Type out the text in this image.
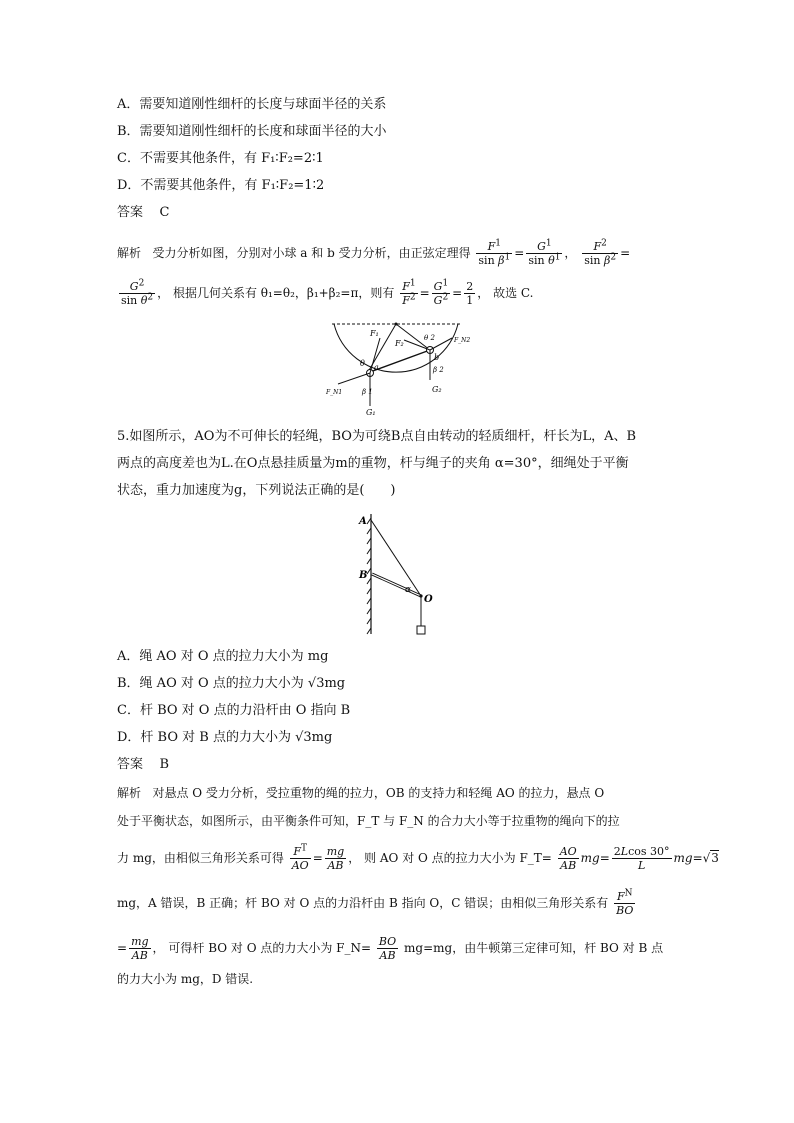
A．需要知道刚性细杆的长度与球面半径的关系
B．需要知道刚性细杆的长度和球面半径的大小
C．不需要其他条件，有 F₁∶F₂=2∶1
D．不需要其他条件，有 F₁∶F₂=1∶2
答案 C
解析 受力分析如图，分别对小球 a 和 b 受力分析，由正弦定理得 $\frac{F^1}{\sin \beta^1} = \frac{G^1}{\sin \theta^1}$ ， $\frac{F^2}{\sin \beta^2}$ =
$\frac{G^2}{\sin \theta^2}$ ， 根据几何关系有 θ₁=θ₂，β₁+β₂=π，则有 $\frac{F^1}{F^2} = \frac{G^1}{G^2} = \frac{2}{1}$ ， 故选 C.
F₁
F₂	F_N2
F_N1
θ
θ 2
a
b
β 1
β 2
G₁
G₂
5.如图所示，AO为不可伸长的轻绳，BO为可绕B点自由转动的轻质细杆，杆长为L，A、B
两点的高度差也为L.在O点悬挂质量为m的重物，杆与绳子的夹角 α=30°，细绳处于平衡
状态，重力加速度为g，下列说法正确的是(　　)
A
B
O
α
A．绳 AO 对 O 点的拉力大小为 mg
B．绳 AO 对 O 点的拉力大小为 √3mg
C．杆 BO 对 O 点的力沿杆由 O 指向 B
D．杆 BO 对 B 点的力大小为 √3mg
答案 B
解析 对悬点 O 受力分析，受拉重物的绳的拉力，OB 的支持力和轻绳 AO 的拉力，悬点 O
处于平衡状态，如图所示，由平衡条件可知，F_T 与 F_N 的合力大小等于拉重物的绳向下的拉
力 mg，由相似三角形关系可得 $\frac{F^T}{AO} = \frac{mg}{AB}$ ， 则 AO 对 O 点的拉力大小为 F_T= $\frac{AO}{AB} mg= \frac{2Lcos 30^\circ}{L} mg=√3$
mg，A 错误，B 正确；杆 BO 对 O 点的力沿杆由 B 指向 O，C 错误；由相似三角形关系有 $\frac{F^N}{BO}$
= $\frac{mg}{AB}$ ， 可得杆 BO 对 O 点的力大小为 F_N= $\frac{BO}{AB} mg=mg$，由牛顿第三定律可知，杆 BO 对 B 点
的力大小为 mg，D 错误.
